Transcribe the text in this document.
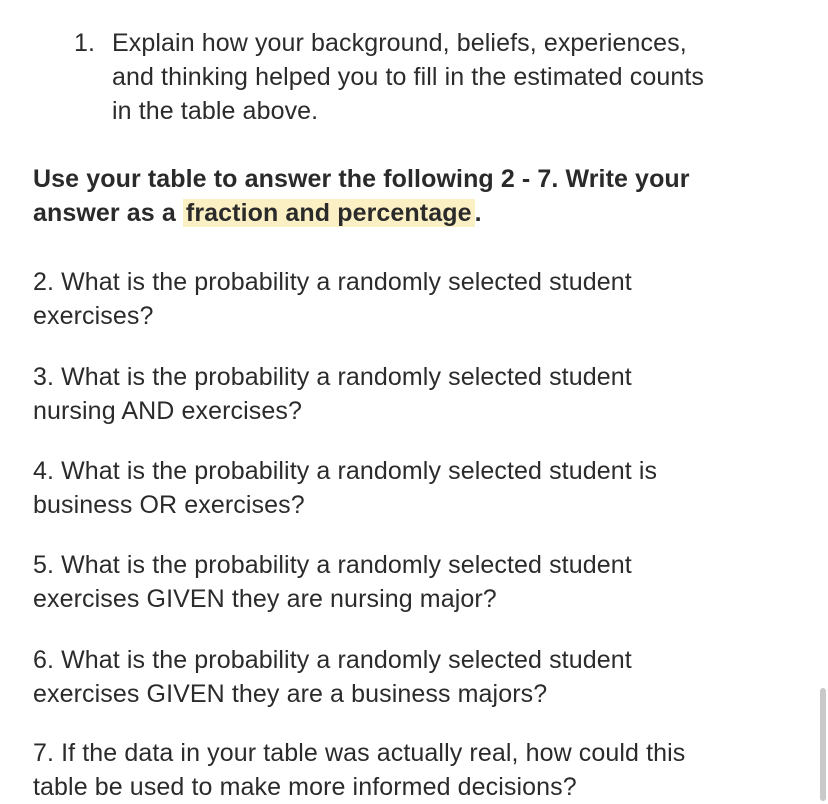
1. Explain how your background, beliefs, experiences,
and thinking helped you to fill in the estimated counts
in the table above.
Use your table to answer the following 2 - 7. Write your
answer as a fraction and percentage .
2. What is the probability a randomly selected student
exercises?
3. What is the probability a randomly selected student
nursing AND exercises?
4. What is the probability a randomly selected student is
business OR exercises?
5. What is the probability a randomly selected student
exercises GIVEN they are nursing major?
6. What is the probability a randomly selected student
exercises GIVEN they are a business majors?
7. If the data in your table was actually real, how could this
table be used to make more informed decisions?
